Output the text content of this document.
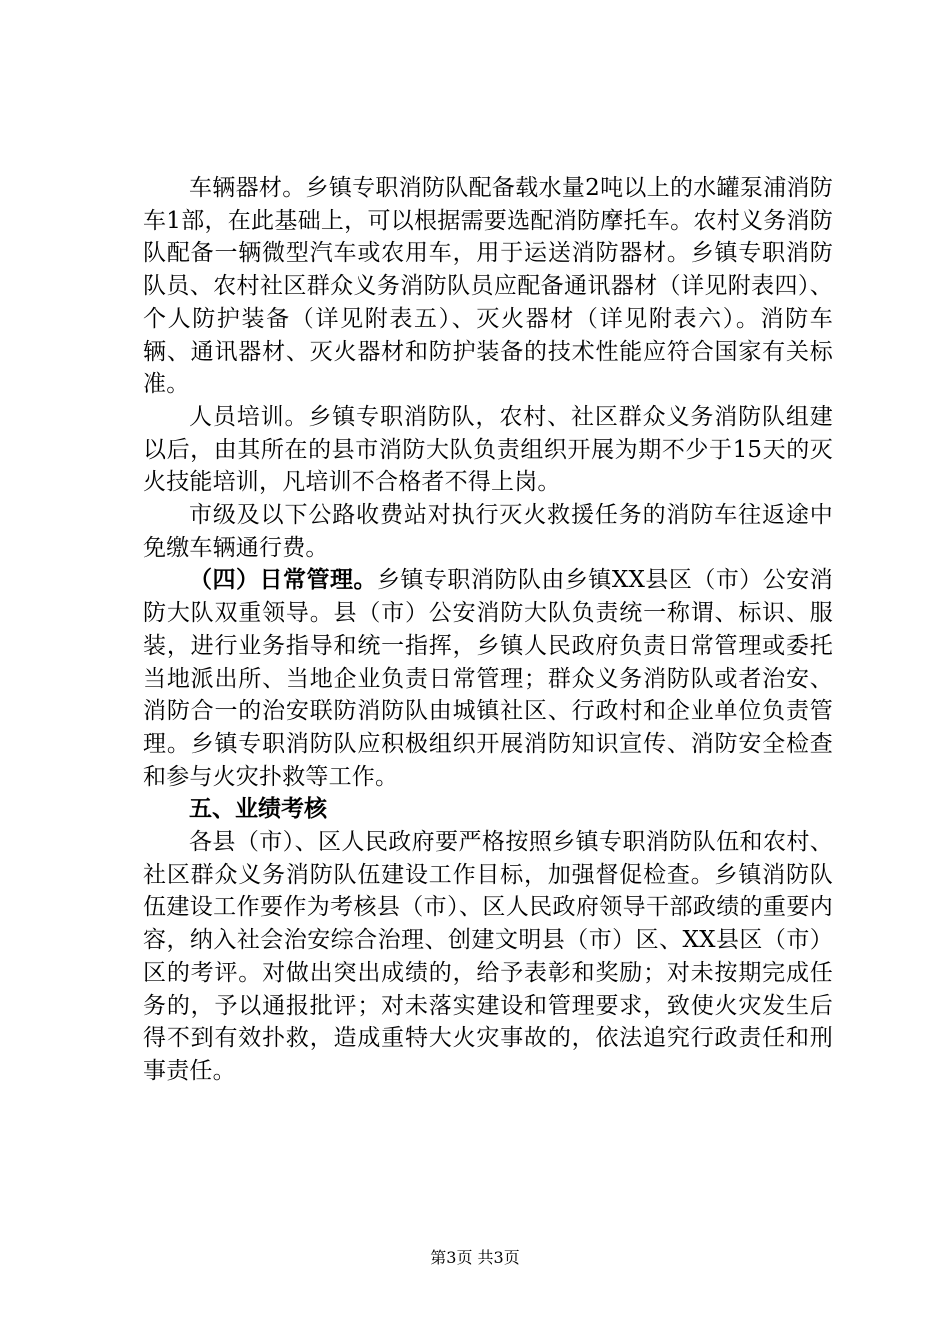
车辆器材。乡镇专职消防队配备载水量2吨以上的水罐泵浦消防车1部，在此基础上，可以根据需要选配消防摩托车。农村义务消防队配备一辆微型汽车或农用车，用于运送消防器材。乡镇专职消防队员、农村社区群众义务消防队员应配备通讯器材（详见附表四）、个人防护装备（详见附表五）、灭火器材（详见附表六）。消防车辆、通讯器材、灭火器材和防护装备的技术性能应符合国家有关标准。

人员培训。乡镇专职消防队，农村、社区群众义务消防队组建以后，由其所在的县市消防大队负责组织开展为期不少于15天的灭火技能培训，凡培训不合格者不得上岗。

市级及以下公路收费站对执行灭火救援任务的消防车往返途中免缴车辆通行费。

（四）日常管理。乡镇专职消防队由乡镇XX县区（市）公安消防大队双重领导。县（市）公安消防大队负责统一称谓、标识、服装，进行业务指导和统一指挥，乡镇人民政府负责日常管理或委托当地派出所、当地企业负责日常管理；群众义务消防队或者治安、消防合一的治安联防消防队由城镇社区、行政村和企业单位负责管理。乡镇专职消防队应积极组织开展消防知识宣传、消防安全检查和参与火灾扑救等工作。

五、业绩考核

各县（市）、区人民政府要严格按照乡镇专职消防队伍和农村、社区群众义务消防队伍建设工作目标，加强督促检查。乡镇消防队伍建设工作要作为考核县（市）、区人民政府领导干部政绩的重要内容，纳入社会治安综合治理、创建文明县（市）区、XX县区（市）区的考评。对做出突出成绩的，给予表彰和奖励；对未按期完成任务的，予以通报批评；对未落实建设和管理要求，致使火灾发生后得不到有效扑救，造成重特大火灾事故的，依法追究行政责任和刑事责任。

第3页 共3页
